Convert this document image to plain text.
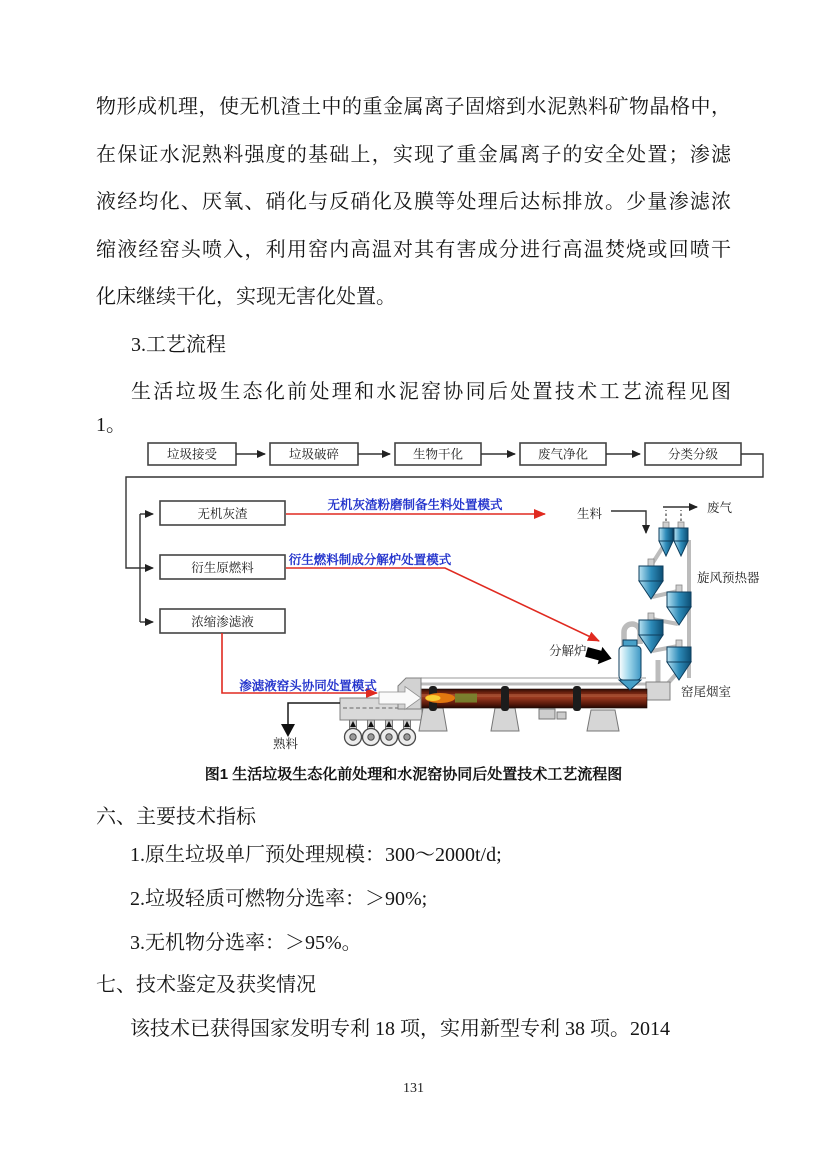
物形成机理，使无机渣土中的重金属离子固熔到水泥熟料矿物晶格中，
在保证水泥熟料强度的基础上，实现了重金属离子的安全处置；渗滤
液经均化、厌氧、硝化与反硝化及膜等处理后达标排放。少量渗滤浓
缩液经窑头喷入，利用窑内高温对其有害成分进行高温焚烧或回喷干
化床继续干化，实现无害化处置。
3.工艺流程
生活垃圾生态化前处理和水泥窑协同后处置技术工艺流程见图
1。
垃圾接受	垃圾破碎	生物干化	废气净化	分类分级
无机灰渣
衍生原燃料
浓缩渗滤液
无机灰渣粉磨制备生料处置模式
衍生燃料制成分解炉处置模式
渗滤液窑头协同处置模式
生料	废气
熟料
旋风预热器
分解炉
窑尾烟室
图1 生活垃圾生态化前处理和水泥窑协同后处置技术工艺流程图
六、主要技术指标
1.原生垃圾单厂预处理规模：300～2000t/d;
2.垃圾轻质可燃物分选率：＞90%;
3.无机物分选率：＞95%。
七、技术鉴定及获奖情况
该技术已获得国家发明专利 18 项，实用新型专利 38 项。2014
131
